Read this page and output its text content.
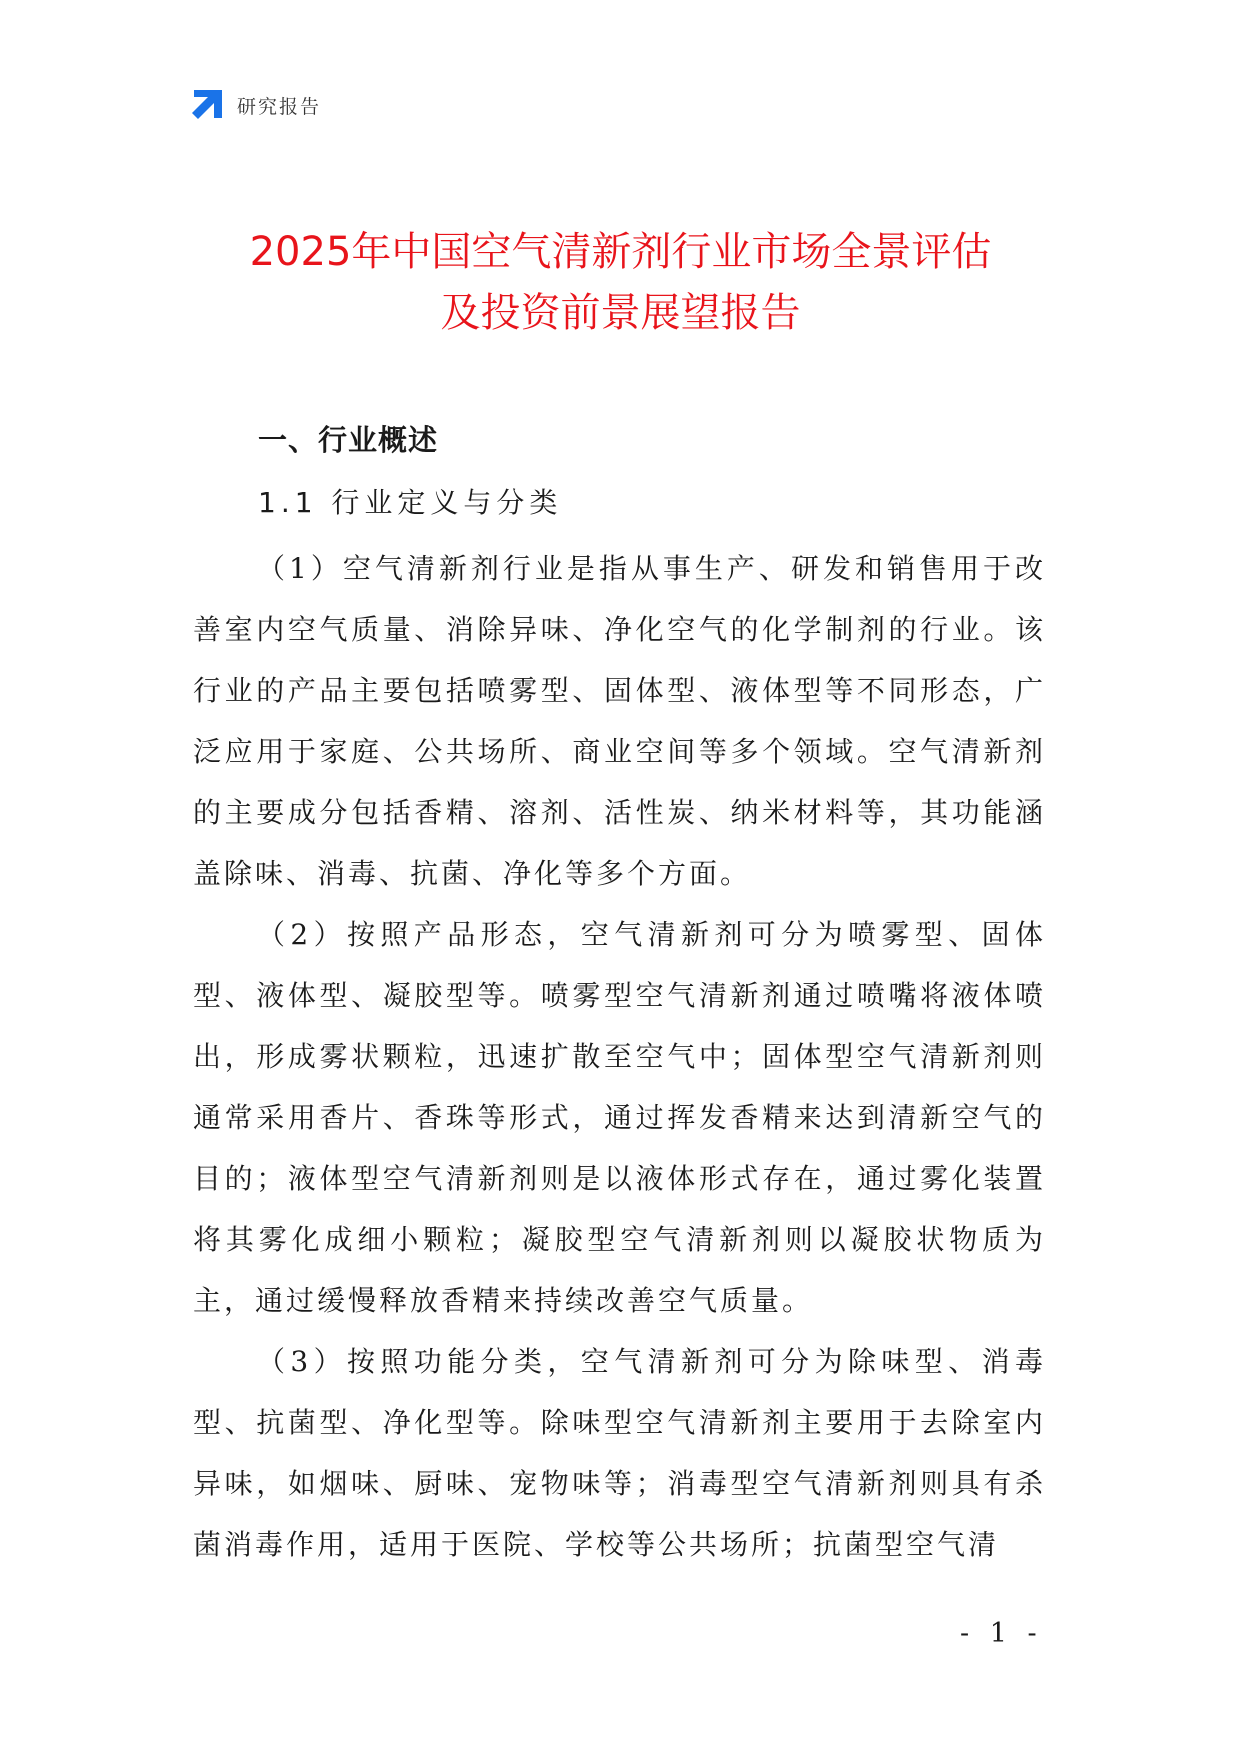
研究报告
2025年中国空气清新剂行业市场全景评估
及投资前景展望报告
一、行业概述
1.1 行业定义与分类

（1）空气清新剂行业是指从事生产、研发和销售用于改善室内空气质量、消除异味、净化空气的化学制剂的行业。该行业的产品主要包括喷雾型、固体型、液体型等不同形态，广泛应用于家庭、公共场所、商业空间等多个领域。空气清新剂的主要成分包括香精、溶剂、活性炭、纳米材料等，其功能涵盖除味、消毒、抗菌、净化等多个方面。

（2）按照产品形态，空气清新剂可分为喷雾型、固体型、液体型、凝胶型等。喷雾型空气清新剂通过喷嘴将液体喷出，形成雾状颗粒，迅速扩散至空气中；固体型空气清新剂则通常采用香片、香珠等形式，通过挥发香精来达到清新空气的目的；液体型空气清新剂则是以液体形式存在，通过雾化装置将其雾化成细小颗粒；凝胶型空气清新剂则以凝胶状物质为主，通过缓慢释放香精来持续改善空气质量。

（3）按照功能分类，空气清新剂可分为除味型、消毒型、抗菌型、净化型等。除味型空气清新剂主要用于去除室内异味，如烟味、厨味、宠物味等；消毒型空气清新剂则具有杀菌消毒作用，适用于医院、学校等公共场所；抗菌型空气清

- 1 -
